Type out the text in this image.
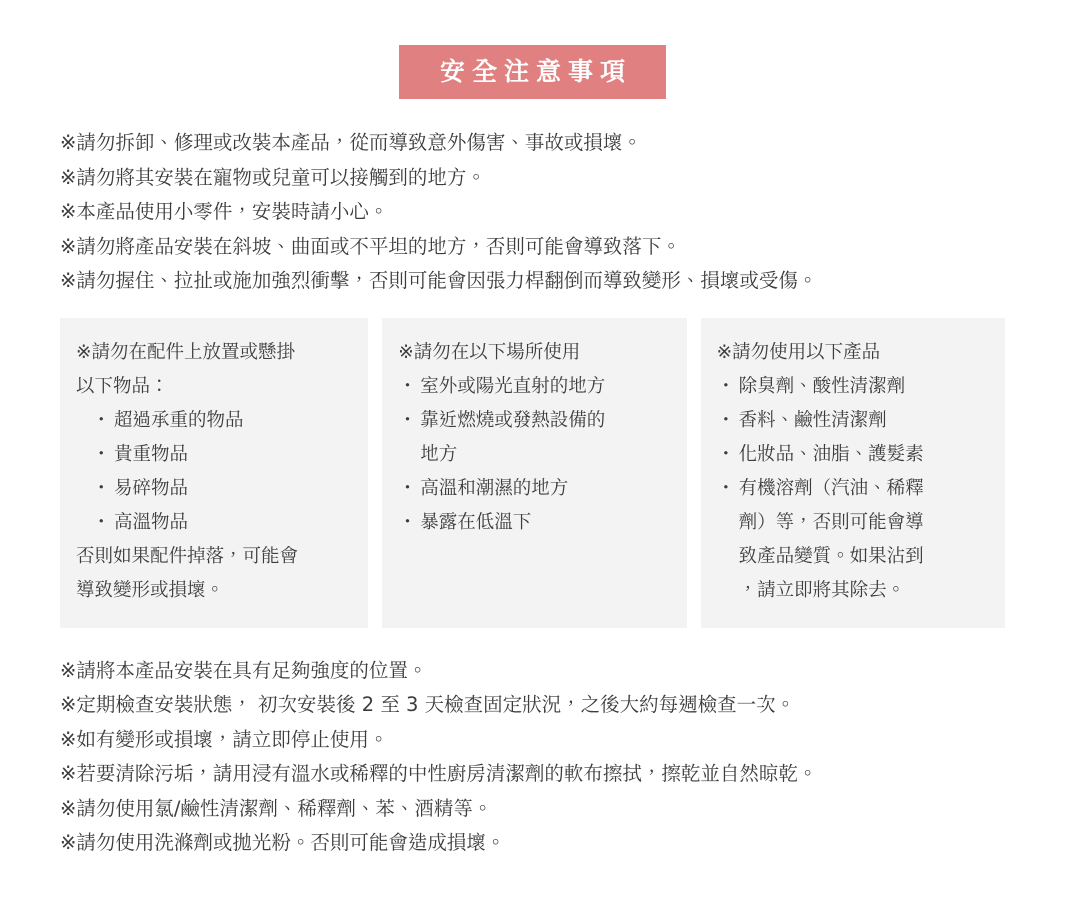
安全注意事項
※請勿拆卸、修理或改裝本產品，從而導致意外傷害、事故或損壞。
※請勿將其安裝在寵物或兒童可以接觸到的地方。
※本產品使用小零件，安裝時請小心。
※請勿將產品安裝在斜坡、曲面或不平坦的地方，否則可能會導致落下。
※請勿握住、拉扯或施加強烈衝擊，否則可能會因張力桿翻倒而導致變形、損壞或受傷。
※請勿在配件上放置或懸掛
以下物品：
・ 超過承重的物品
・ 貴重物品
・ 易碎物品
・ 高溫物品
否則如果配件掉落，可能會
導致變形或損壞。
※請勿在以下場所使用
・ 室外或陽光直射的地方
・ 靠近燃燒或發熱設備的
地方
・ 高溫和潮濕的地方
・ 暴露在低溫下
※請勿使用以下產品
・ 除臭劑、酸性清潔劑
・ 香料、鹼性清潔劑
・ 化妝品、油脂、護髮素
・ 有機溶劑（汽油、稀釋
劑）等，否則可能會導
致產品變質。如果沾到
，請立即將其除去。
※請將本產品安裝在具有足夠強度的位置。
※定期檢查安裝狀態， 初次安裝後 2 至 3 天檢查固定狀況，之後大約每週檢查一次。
※如有變形或損壞，請立即停止使用。
※若要清除污垢，請用浸有溫水或稀釋的中性廚房清潔劑的軟布擦拭，擦乾並自然晾乾。
※請勿使用氯/鹼性清潔劑、稀釋劑、苯、酒精等。
※請勿使用洗滌劑或拋光粉。否則可能會造成損壞。
